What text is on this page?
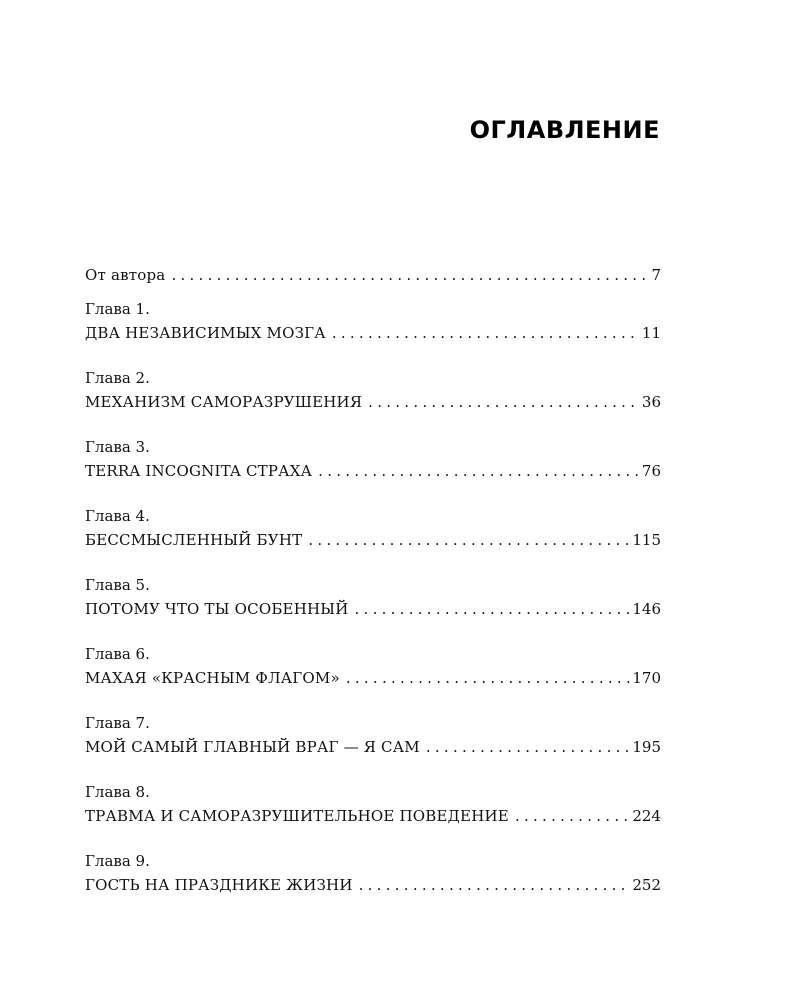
ОГЛАВЛЕНИЕ
От автора . . .	7
Глава 1.
ДВА НЕЗАВИСИМЫХ МОЗГА . . .	11
Глава 2.
МЕХАНИЗМ САМОРАЗРУШЕНИЯ . . .	36
Глава 3.
TERRA INCOGNITA СТРАХА . . .	76
Глава 4.
БЕССМЫСЛЕННЫЙ БУНТ . . .	115
Глава 5.
ПОТОМУ ЧТО ТЫ ОСОБЕННЫЙ . . .	146
Глава 6.
МАХАЯ «КРАСНЫМ ФЛАГОМ» . . .	170
Глава 7.
МОЙ САМЫЙ ГЛАВНЫЙ ВРАГ — Я САМ . . .	195
Глава 8.
ТРАВМА И САМОРАЗРУШИТЕЛЬНОЕ ПОВЕДЕНИЕ . . .	224
Глава 9.
ГОСТЬ НА ПРАЗДНИКЕ ЖИЗНИ . . .	252
